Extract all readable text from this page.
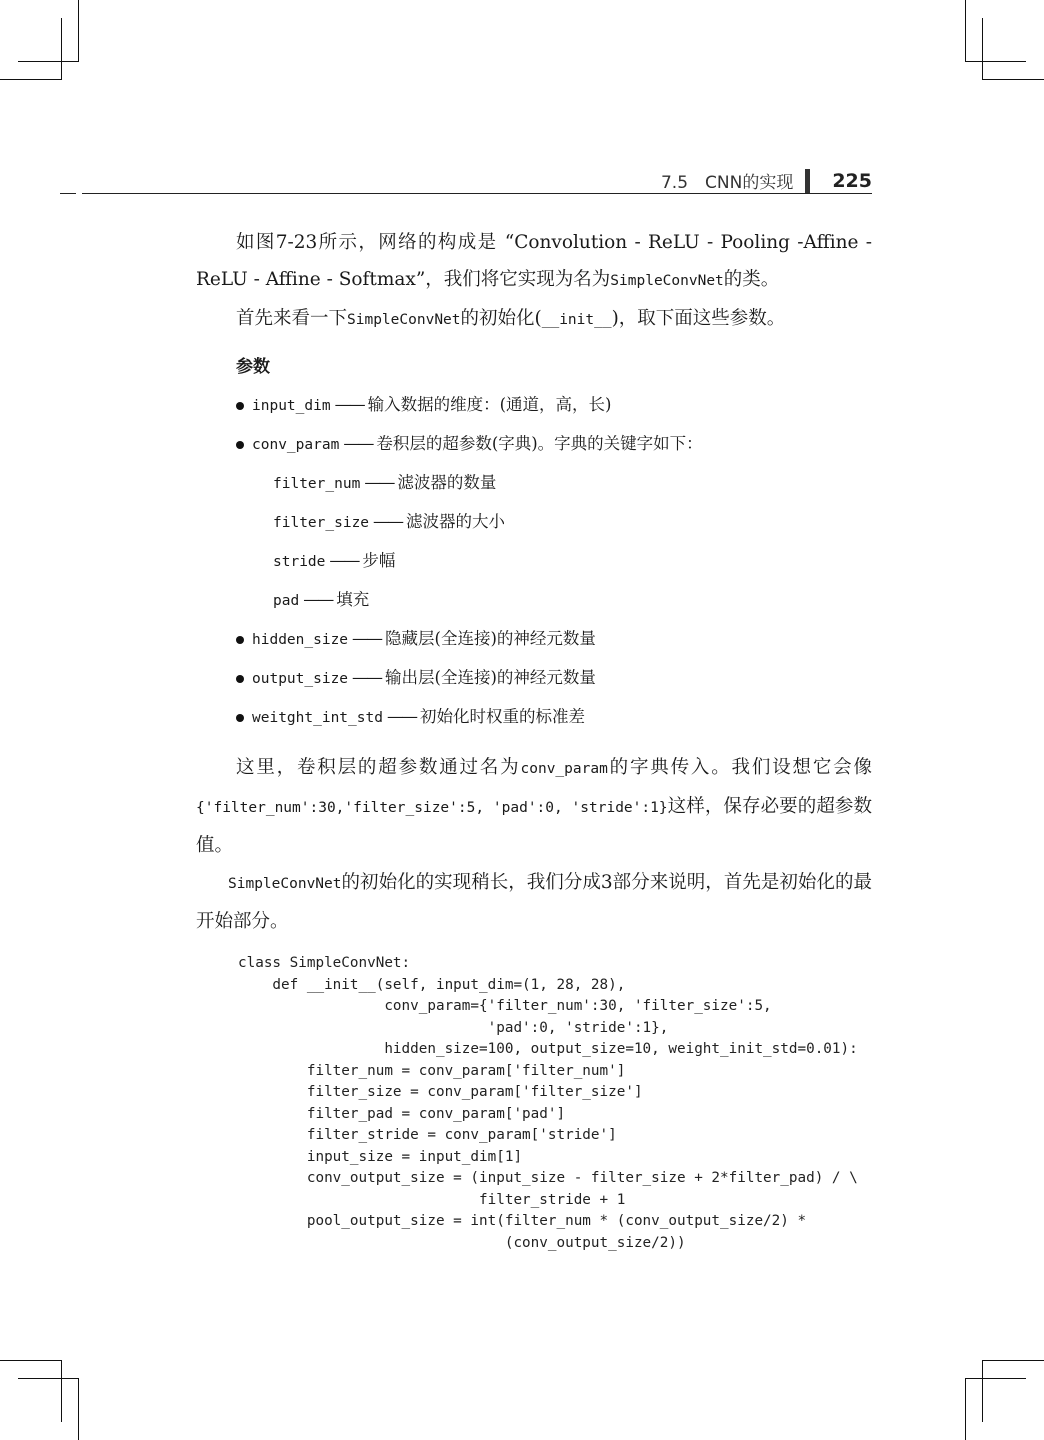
7.5　CNN的实现 225

如图7-23所示，网络的构成是 “Convolution - ReLU - Pooling -Affine - ReLU - Affine - Softmax”，我们将它实现为名为SimpleConvNet的类。

首先来看一下SimpleConvNet的初始化(__init__)，取下面这些参数。

参数
input_dim —— 输入数据的维度：(通道，高，长)
conv_param —— 卷积层的超参数(字典)。字典的关键字如下：
filter_num —— 滤波器的数量
filter_size —— 滤波器的大小
stride —— 步幅
pad —— 填充
hidden_size —— 隐藏层(全连接)的神经元数量
output_size —— 输出层(全连接)的神经元数量
weitght_int_std —— 初始化时权重的标准差

这里，卷积层的超参数通过名为conv_param的字典传入。我们设想它会像{'filter_num':30,'filter_size':5, 'pad':0, 'stride':1}这样，保存必要的超参数值。

SimpleConvNet的初始化的实现稍长，我们分成3部分来说明，首先是初始化的最开始部分。

class SimpleConvNet:
def __init__(self, input_dim=(1, 28, 28),
conv_param={'filter_num':30, 'filter_size':5,
'pad':0, 'stride':1},
hidden_size=100, output_size=10, weight_init_std=0.01):
filter_num = conv_param['filter_num']
filter_size = conv_param['filter_size']
filter_pad = conv_param['pad']
filter_stride = conv_param['stride']
input_size = input_dim[1]
conv_output_size = (input_size - filter_size + 2*filter_pad) / \
filter_stride + 1
pool_output_size = int(filter_num * (conv_output_size/2) *
(conv_output_size/2))
